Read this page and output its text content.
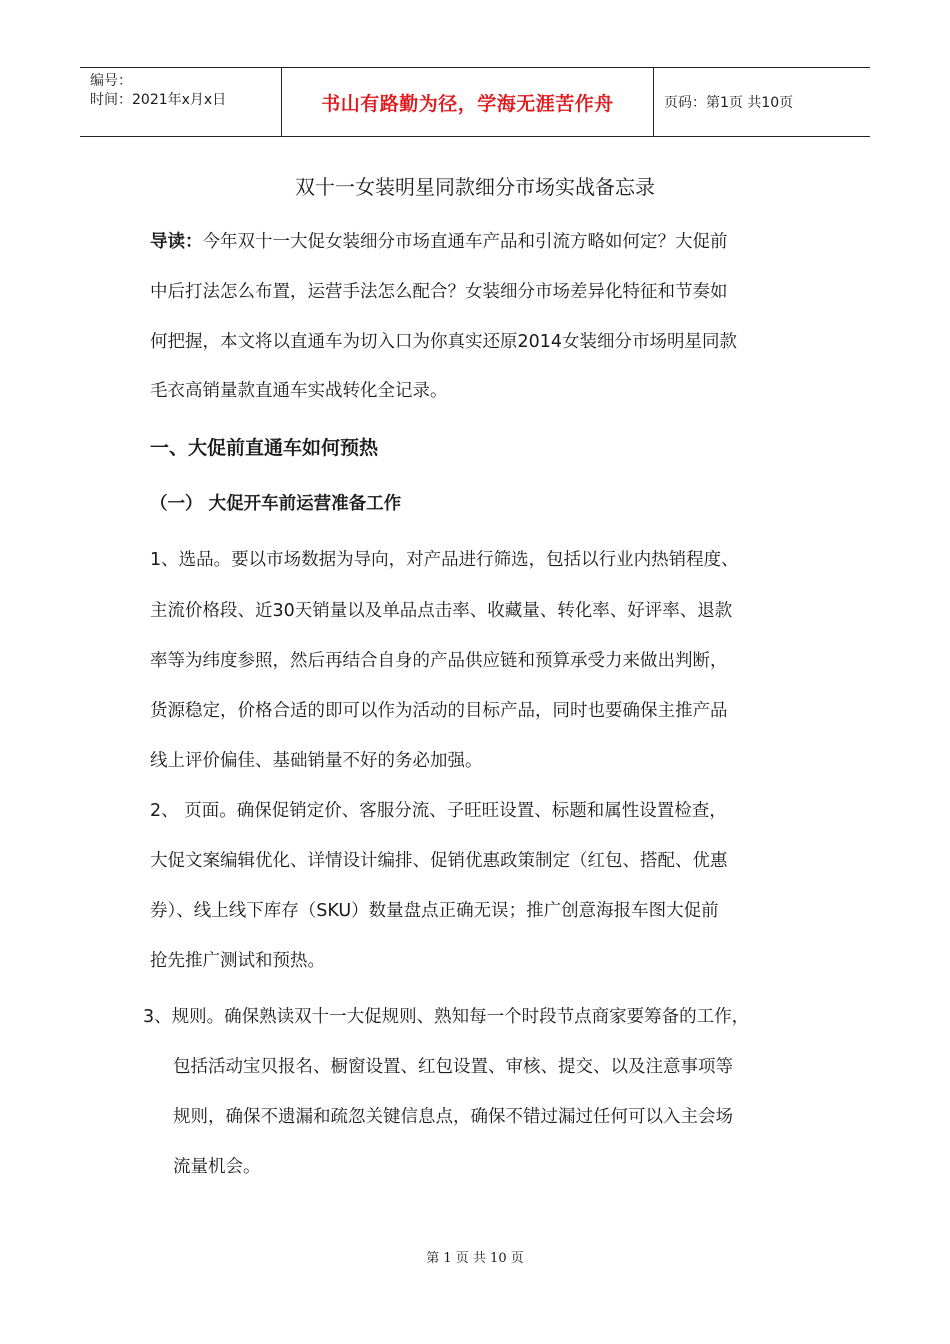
编号：
时间：2021年x月x日	书山有路勤为径，学海无涯苦作舟	页码：第1页 共10页
双十一女装明星同款细分市场实战备忘录
导读：今年双十一大促女装细分市场直通车产品和引流方略如何定？大促前
中后打法怎么布置，运营手法怎么配合？女装细分市场差异化特征和节奏如
何把握，本文将以直通车为切入口为你真实还原2014女装细分市场明星同款
毛衣高销量款直通车实战转化全记录。
一、大促前直通车如何预热
（一） 大促开车前运营准备工作
1、选品。要以市场数据为导向，对产品进行筛选，包括以行业内热销程度、
主流价格段、近30天销量以及单品点击率、收藏量、转化率、好评率、退款
率等为纬度参照，然后再结合自身的产品供应链和预算承受力来做出判断，
货源稳定，价格合适的即可以作为活动的目标产品，同时也要确保主推产品
线上评价偏佳、基础销量不好的务必加强。
2、 页面。确保促销定价、客服分流、子旺旺设置、标题和属性设置检查，
大促文案编辑优化、详情设计编排、促销优惠政策制定（红包、搭配、优惠
券）、线上线下库存（SKU）数量盘点正确无误；推广创意海报车图大促前
抢先推广测试和预热。
3、规则。确保熟读双十一大促规则、熟知每一个时段节点商家要筹备的工作，
包括活动宝贝报名、橱窗设置、红包设置、审核、提交、以及注意事项等
规则，确保不遗漏和疏忽关键信息点，确保不错过漏过任何可以入主会场
流量机会。
第 1 页 共 10 页
